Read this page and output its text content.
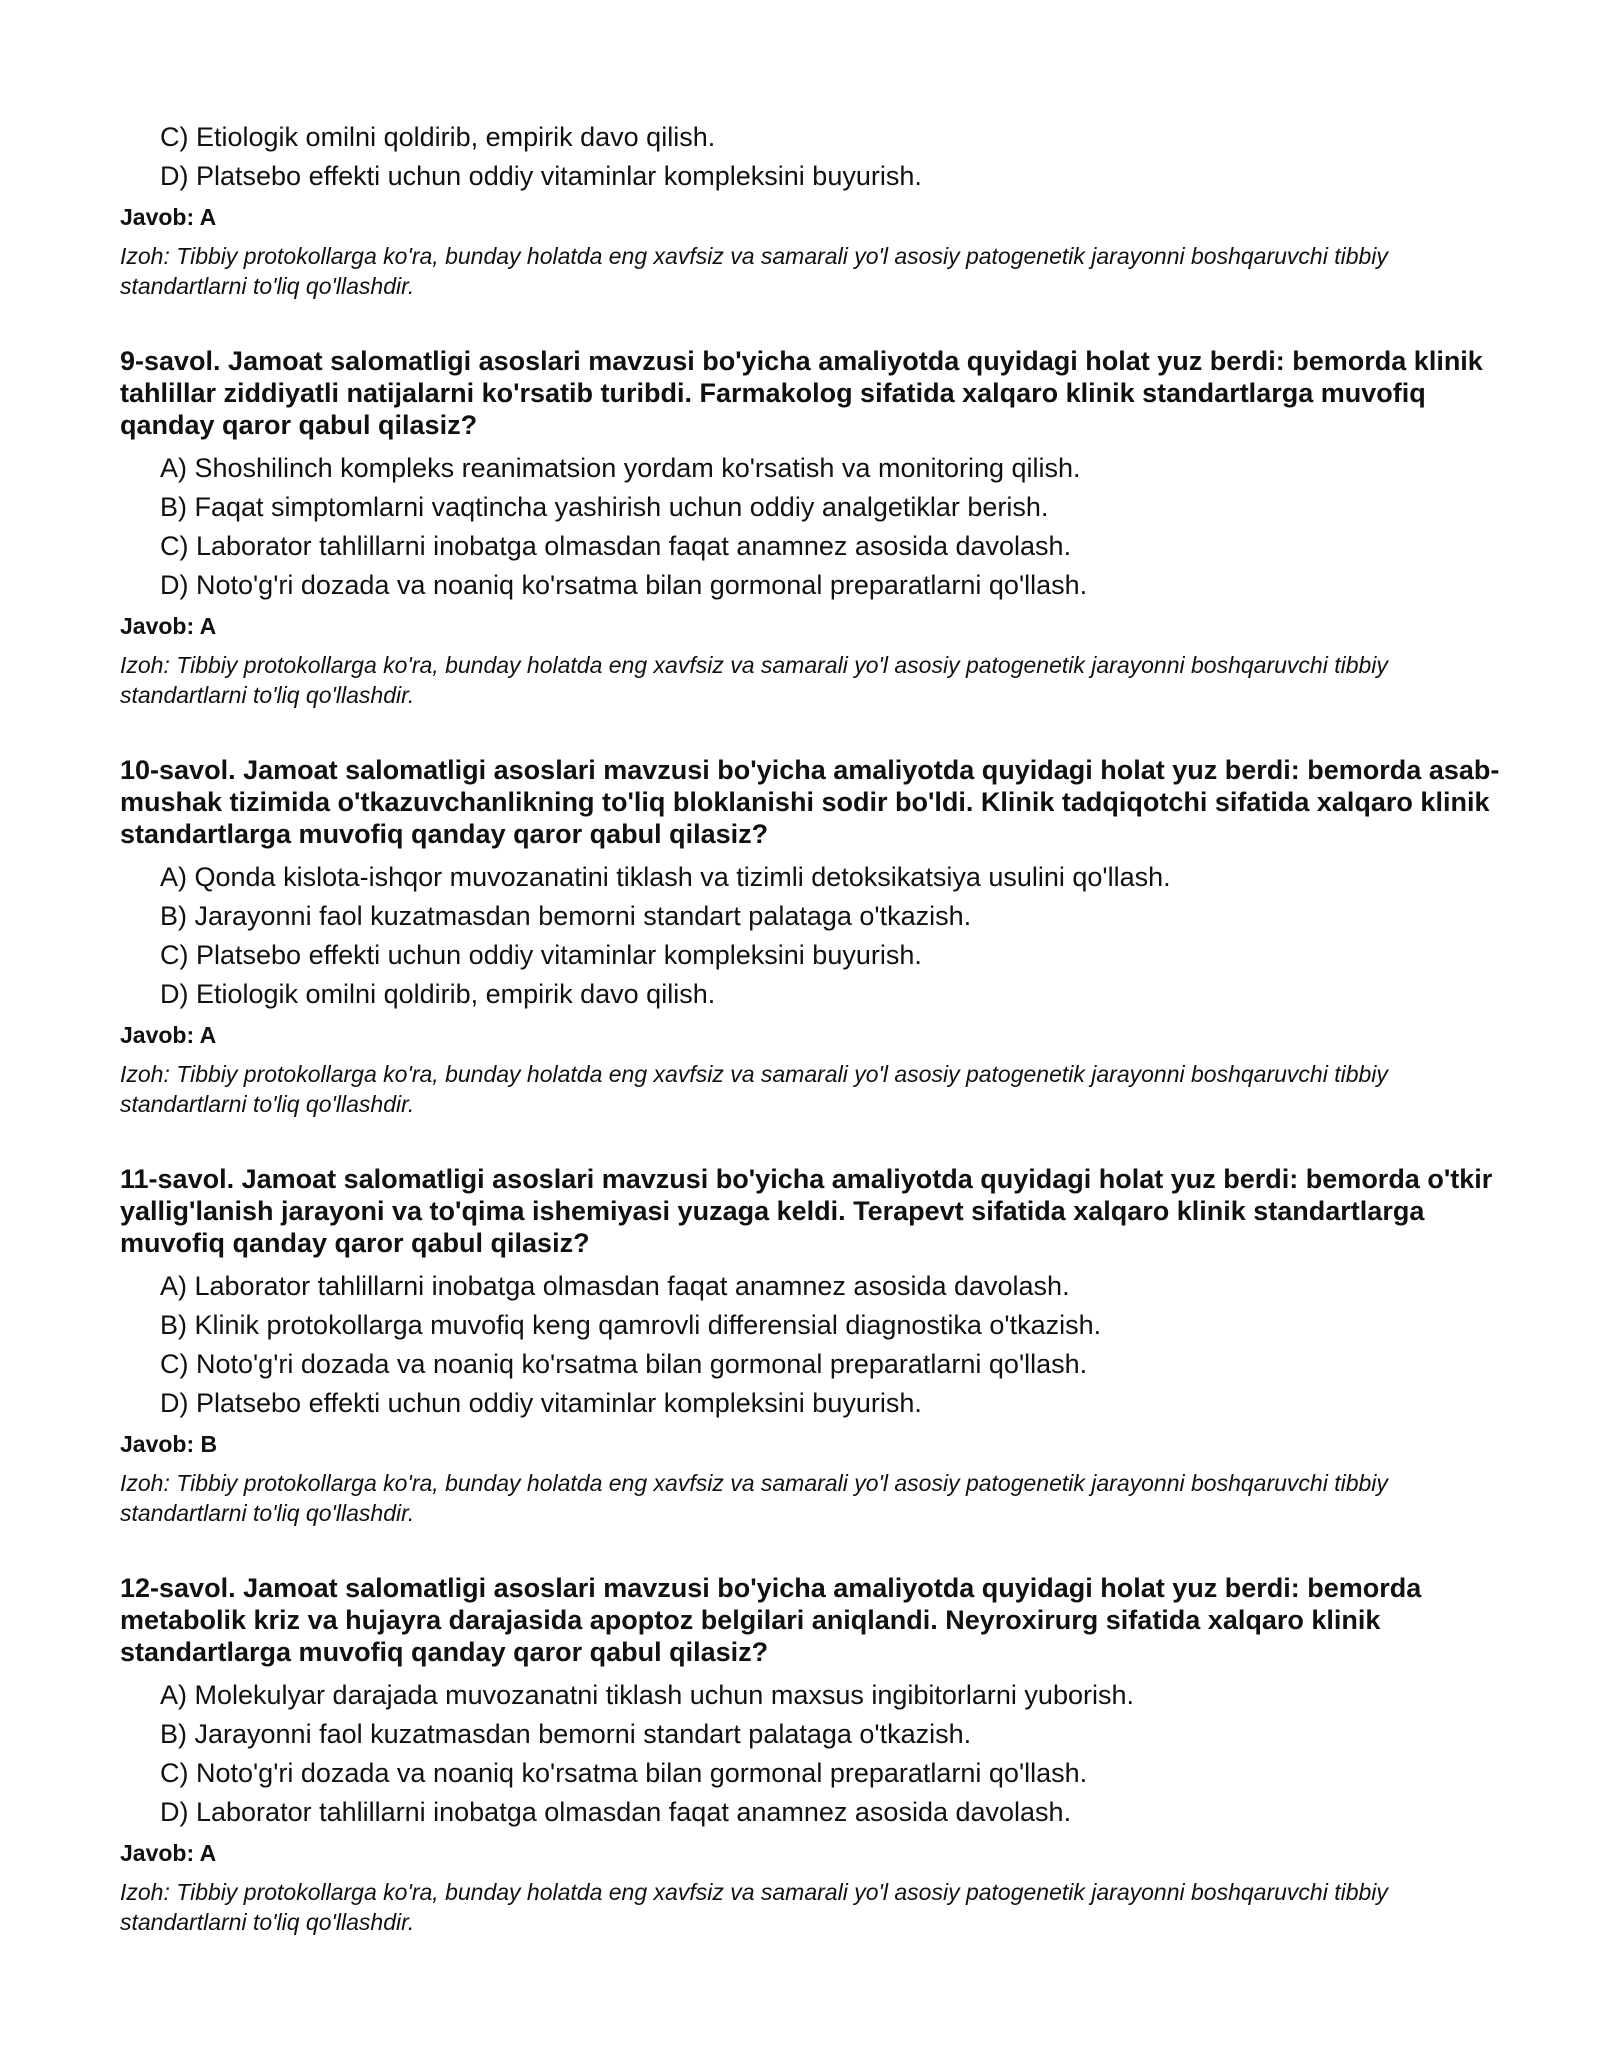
C) Etiologik omilni qoldirib, empirik davo qilish.
D) Platsebo effekti uchun oddiy vitaminlar kompleksini buyurish.
Javob: A
Izoh: Tibbiy protokollarga ko'ra, bunday holatda eng xavfsiz va samarali yo'l asosiy patogenetik jarayonni boshqaruvchi tibbiy standartlarni to'liq qo'llashdir.
9-savol. Jamoat salomatligi asoslari mavzusi bo'yicha amaliyotda quyidagi holat yuz berdi: bemorda klinik tahlillar ziddiyatli natijalarni ko'rsatib turibdi. Farmakolog sifatida xalqaro klinik standartlarga muvofiq qanday qaror qabul qilasiz?
A) Shoshilinch kompleks reanimatsion yordam ko'rsatish va monitoring qilish.
B) Faqat simptomlarni vaqtincha yashirish uchun oddiy analgetiklar berish.
C) Laborator tahlillarni inobatga olmasdan faqat anamnez asosida davolash.
D) Noto'g'ri dozada va noaniq ko'rsatma bilan gormonal preparatlarni qo'llash.
Javob: A
Izoh: Tibbiy protokollarga ko'ra, bunday holatda eng xavfsiz va samarali yo'l asosiy patogenetik jarayonni boshqaruvchi tibbiy standartlarni to'liq qo'llashdir.
10-savol. Jamoat salomatligi asoslari mavzusi bo'yicha amaliyotda quyidagi holat yuz berdi: bemorda asab-mushak tizimida o'tkazuvchanlikning to'liq bloklanishi sodir bo'ldi. Klinik tadqiqotchi sifatida xalqaro klinik standartlarga muvofiq qanday qaror qabul qilasiz?
A) Qonda kislota-ishqor muvozanatini tiklash va tizimli detoksikatsiya usulini qo'llash.
B) Jarayonni faol kuzatmasdan bemorni standart palataga o'tkazish.
C) Platsebo effekti uchun oddiy vitaminlar kompleksini buyurish.
D) Etiologik omilni qoldirib, empirik davo qilish.
Javob: A
Izoh: Tibbiy protokollarga ko'ra, bunday holatda eng xavfsiz va samarali yo'l asosiy patogenetik jarayonni boshqaruvchi tibbiy standartlarni to'liq qo'llashdir.
11-savol. Jamoat salomatligi asoslari mavzusi bo'yicha amaliyotda quyidagi holat yuz berdi: bemorda o'tkir yallig'lanish jarayoni va to'qima ishemiyasi yuzaga keldi. Terapevt sifatida xalqaro klinik standartlarga muvofiq qanday qaror qabul qilasiz?
A) Laborator tahlillarni inobatga olmasdan faqat anamnez asosida davolash.
B) Klinik protokollarga muvofiq keng qamrovli differensial diagnostika o'tkazish.
C) Noto'g'ri dozada va noaniq ko'rsatma bilan gormonal preparatlarni qo'llash.
D) Platsebo effekti uchun oddiy vitaminlar kompleksini buyurish.
Javob: B
Izoh: Tibbiy protokollarga ko'ra, bunday holatda eng xavfsiz va samarali yo'l asosiy patogenetik jarayonni boshqaruvchi tibbiy standartlarni to'liq qo'llashdir.
12-savol. Jamoat salomatligi asoslari mavzusi bo'yicha amaliyotda quyidagi holat yuz berdi: bemorda metabolik kriz va hujayra darajasida apoptoz belgilari aniqlandi. Neyroxirurg sifatida xalqaro klinik standartlarga muvofiq qanday qaror qabul qilasiz?
A) Molekulyar darajada muvozanatni tiklash uchun maxsus ingibitorlarni yuborish.
B) Jarayonni faol kuzatmasdan bemorni standart palataga o'tkazish.
C) Noto'g'ri dozada va noaniq ko'rsatma bilan gormonal preparatlarni qo'llash.
D) Laborator tahlillarni inobatga olmasdan faqat anamnez asosida davolash.
Javob: A
Izoh: Tibbiy protokollarga ko'ra, bunday holatda eng xavfsiz va samarali yo'l asosiy patogenetik jarayonni boshqaruvchi tibbiy standartlarni to'liq qo'llashdir.
